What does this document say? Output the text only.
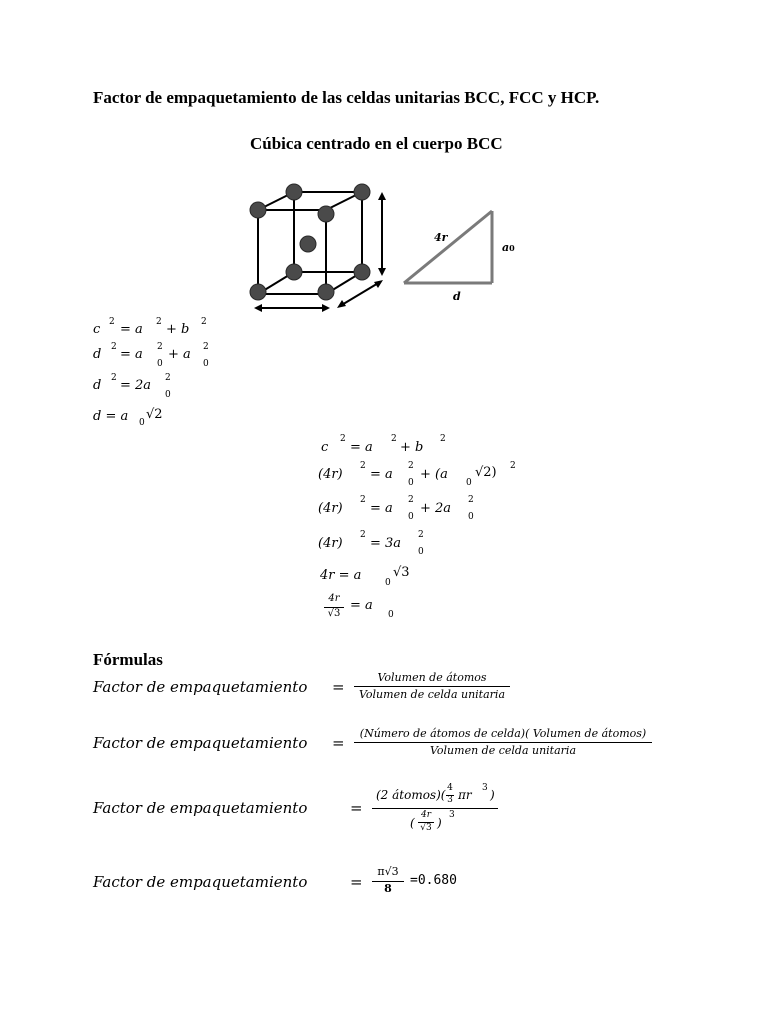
Factor de empaquetamiento de las celdas unitarias BCC, FCC y HCP.
Cúbica centrado en el cuerpo BCC
4r
a0
d
c 2 = a 2 + b 2
d 2 = a 2
0
+ a 2
0
d 2 = 2a 2
0
d = a 0
√2
c
2
= a
2
+ b
2
(4r)
2
= a
2
0
+ (a
0
√2) 2
(4r)
2
= a
2
0
+ 2a
2
0
(4r)
2
= 3a
2
0
4r = a	0
√3
4r
√3
= a
0
Fórmulas
Factor de empaquetamiento =
Volumen de átomos
Volumen de celda unitaria
Factor de empaquetamiento =
(Número de átomos de celda)( Volumen de átomos)
Volumen de celda unitaria
Factor de empaquetamiento	=
(2 átomos)( 4
3 πr 3 )
(
4r
√3 )
3
Factor de empaquetamiento	=
π√3
8
=0.680
